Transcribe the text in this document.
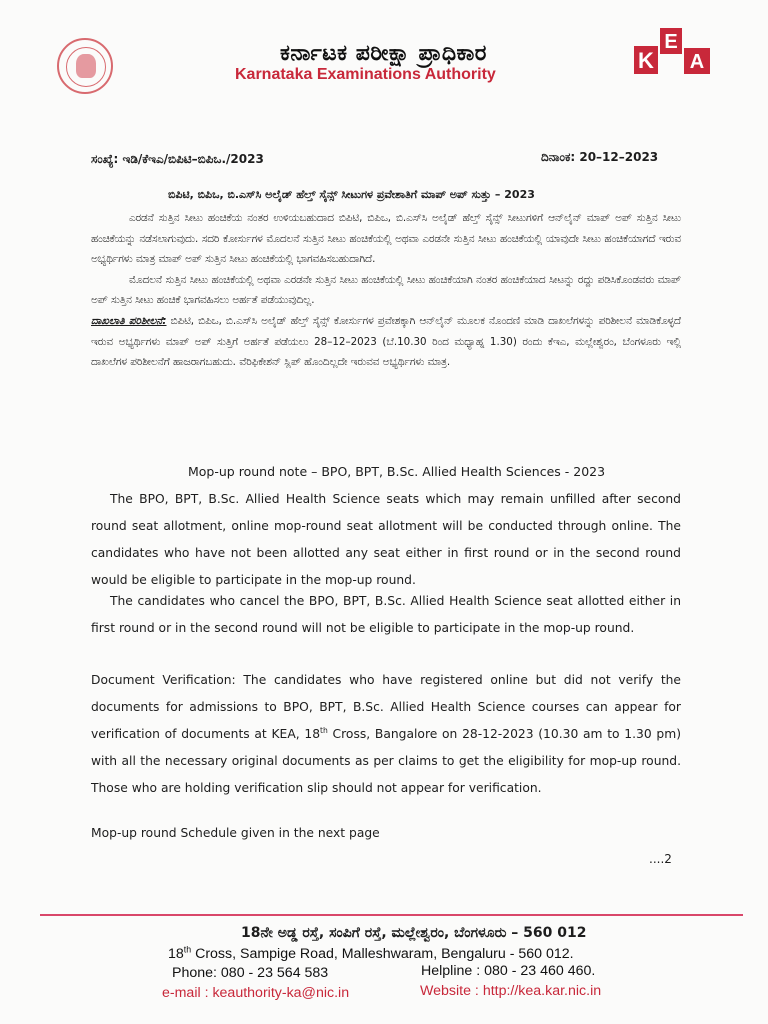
ಕರ್ನಾಟಕ ಪರೀಕ್ಷಾ ಪ್ರಾಧಿಕಾರ
Karnataka Examinations Authority
K
E
A
ಸಂಖ್ಯೆ: ಇಡಿ/ಕೆಇಎ/ಬಿಪಿಟಿ–ಬಿಪಿಒ./2023	ದಿನಾಂಕ: 20–12–2023
ಬಿಪಿಟಿ, ಬಿಪಿಒ, ಬಿ.ಎಸ್‌ಸಿ ಅಲೈಡ್ ಹೆಲ್ತ್ ಸೈನ್ಸ್ ಸೀಟುಗಳ ಪ್ರವೇಶಾತಿಗೆ ಮಾಪ್ ಅಪ್ ಸುತ್ತು – 2023

ಎರಡನೆ ಸುತ್ತಿನ ಸೀಟು ಹಂಚಿಕೆಯ ನಂತರ ಉಳಿಯಬಹುದಾದ ಬಿಪಿಟಿ, ಬಿಪಿಒ, ಬಿ.ಎಸ್‌ಸಿ ಅಲೈಡ್ ಹೆಲ್ತ್ ಸೈನ್ಸ್ ಸೀಟುಗಳಿಗೆ ಆನ್‌ಲೈನ್ ಮಾಪ್ ಅಪ್ ಸುತ್ತಿನ ಸೀಟು ಹಂಚಿಕೆಯನ್ನು ನಡೆಸಲಾಗುವುದು. ಸದರಿ ಕೋರ್ಸುಗಳ ಮೊದಲನೆ ಸುತ್ತಿನ ಸೀಟು ಹಂಚಿಕೆಯಲ್ಲಿ ಅಥವಾ ಎರಡನೇ ಸುತ್ತಿನ ಸೀಟು ಹಂಚಿಕೆಯಲ್ಲಿ ಯಾವುದೇ ಸೀಟು ಹಂಚಿಕೆಯಾಗದೆ ಇರುವ ಅಭ್ಯರ್ಥಿಗಳು ಮಾತ್ರ ಮಾಪ್ ಅಪ್ ಸುತ್ತಿನ ಸೀಟು ಹಂಚಿಕೆಯಲ್ಲಿ ಭಾಗವಹಿಸಬಹುದಾಗಿದೆ.

ಮೊದಲನೆ ಸುತ್ತಿನ ಸೀಟು ಹಂಚಿಕೆಯಲ್ಲಿ ಅಥವಾ ಎರಡನೇ ಸುತ್ತಿನ ಸೀಟು ಹಂಚಿಕೆಯಲ್ಲಿ ಸೀಟು ಹಂಚಿಕೆಯಾಗಿ ನಂತರ ಹಂಚಿಕೆಯಾದ ಸೀಟನ್ನು ರದ್ದು ಪಡಿಸಿಕೊಂಡವರು ಮಾಪ್ ಅಪ್ ಸುತ್ತಿನ ಸೀಟು ಹಂಚಿಕೆ ಭಾಗವಹಿಸಲು ಅರ್ಹತೆ ಪಡೆಯುವುದಿಲ್ಲ.

ದಾಖಲಾತಿ ಪರಿಶೀಲನೆ: ಬಿಪಿಟಿ, ಬಿಪಿಒ, ಬಿ.ಎಸ್‌ಸಿ ಅಲೈಡ್ ಹೆಲ್ತ್ ಸೈನ್ಸ್ ಕೋರ್ಸುಗಳ ಪ್ರವೇಶಕ್ಕಾಗಿ ಆನ್‌ಲೈನ್ ಮೂಲಕ ನೊಂದಣಿ ಮಾಡಿ ದಾಖಲೆಗಳನ್ನು ಪರಿಶೀಲನೆ ಮಾಡಿಕೊಳ್ಳದೆ ಇರುವ ಅಭ್ಯರ್ಥಿಗಳು ಮಾಪ್ ಅಪ್ ಸುತ್ತಿಗೆ ಅರ್ಹತೆ ಪಡೆಯಲು 28–12–2023 (ಬೆ.10.30 ರಿಂದ ಮಧ್ಯಾಹ್ನ 1.30) ರಂದು ಕೆಇಎ, ಮಲ್ಲೇಶ್ವರಂ, ಬೆಂಗಳೂರು ಇಲ್ಲಿ ದಾಖಲೆಗಳ ಪರಿಶೀಲನೆಗೆ ಹಾಜರಾಗಬಹುದು. ವೆರಿಫಿಕೇಶನ್ ಸ್ಲಿಪ್ ಹೊಂದಿಲ್ಲದೇ ಇರುವವ ಅಭ್ಯರ್ಥಿಗಳು ಮಾತ್ರ.

Mop-up round note – BPO, BPT, B.Sc. Allied Health Sciences - 2023

The BPO, BPT, B.Sc. Allied Health Science seats which may remain unfilled after second round seat allotment, online mop-round seat allotment will be conducted through online. The candidates who have not been allotted any seat either in first round or in the second round would be eligible to participate in the mop-up round.

The candidates who cancel the BPO, BPT, B.Sc. Allied Health Science seat allotted either in first round or in the second round will not be eligible to participate in the mop-up round.

Document Verification: The candidates who have registered online but did not verify the documents for admissions to BPO, BPT, B.Sc. Allied Health Science courses can appear for verification of documents at KEA, 18th Cross, Bangalore on 28-12-2023 (10.30 am to 1.30 pm) with all the necessary original documents as per claims to get the eligibility for mop-up round. Those who are holding verification slip should not appear for verification.

Mop-up round Schedule given in the next page
....2
18ನೇ ಅಡ್ಡ ರಸ್ತೆ, ಸಂಪಿಗೆ ರಸ್ತೆ, ಮಲ್ಲೇಶ್ವರಂ, ಬೆಂಗಳೂರು – 560 012
18th Cross, Sampige Road, Malleshwaram, Bengaluru - 560 012.
Phone: 080 - 23 564 583	Helpline : 080 - 23 460 460.
e-mail : keauthority-ka@nic.in	Website : http://kea.kar.nic.in
